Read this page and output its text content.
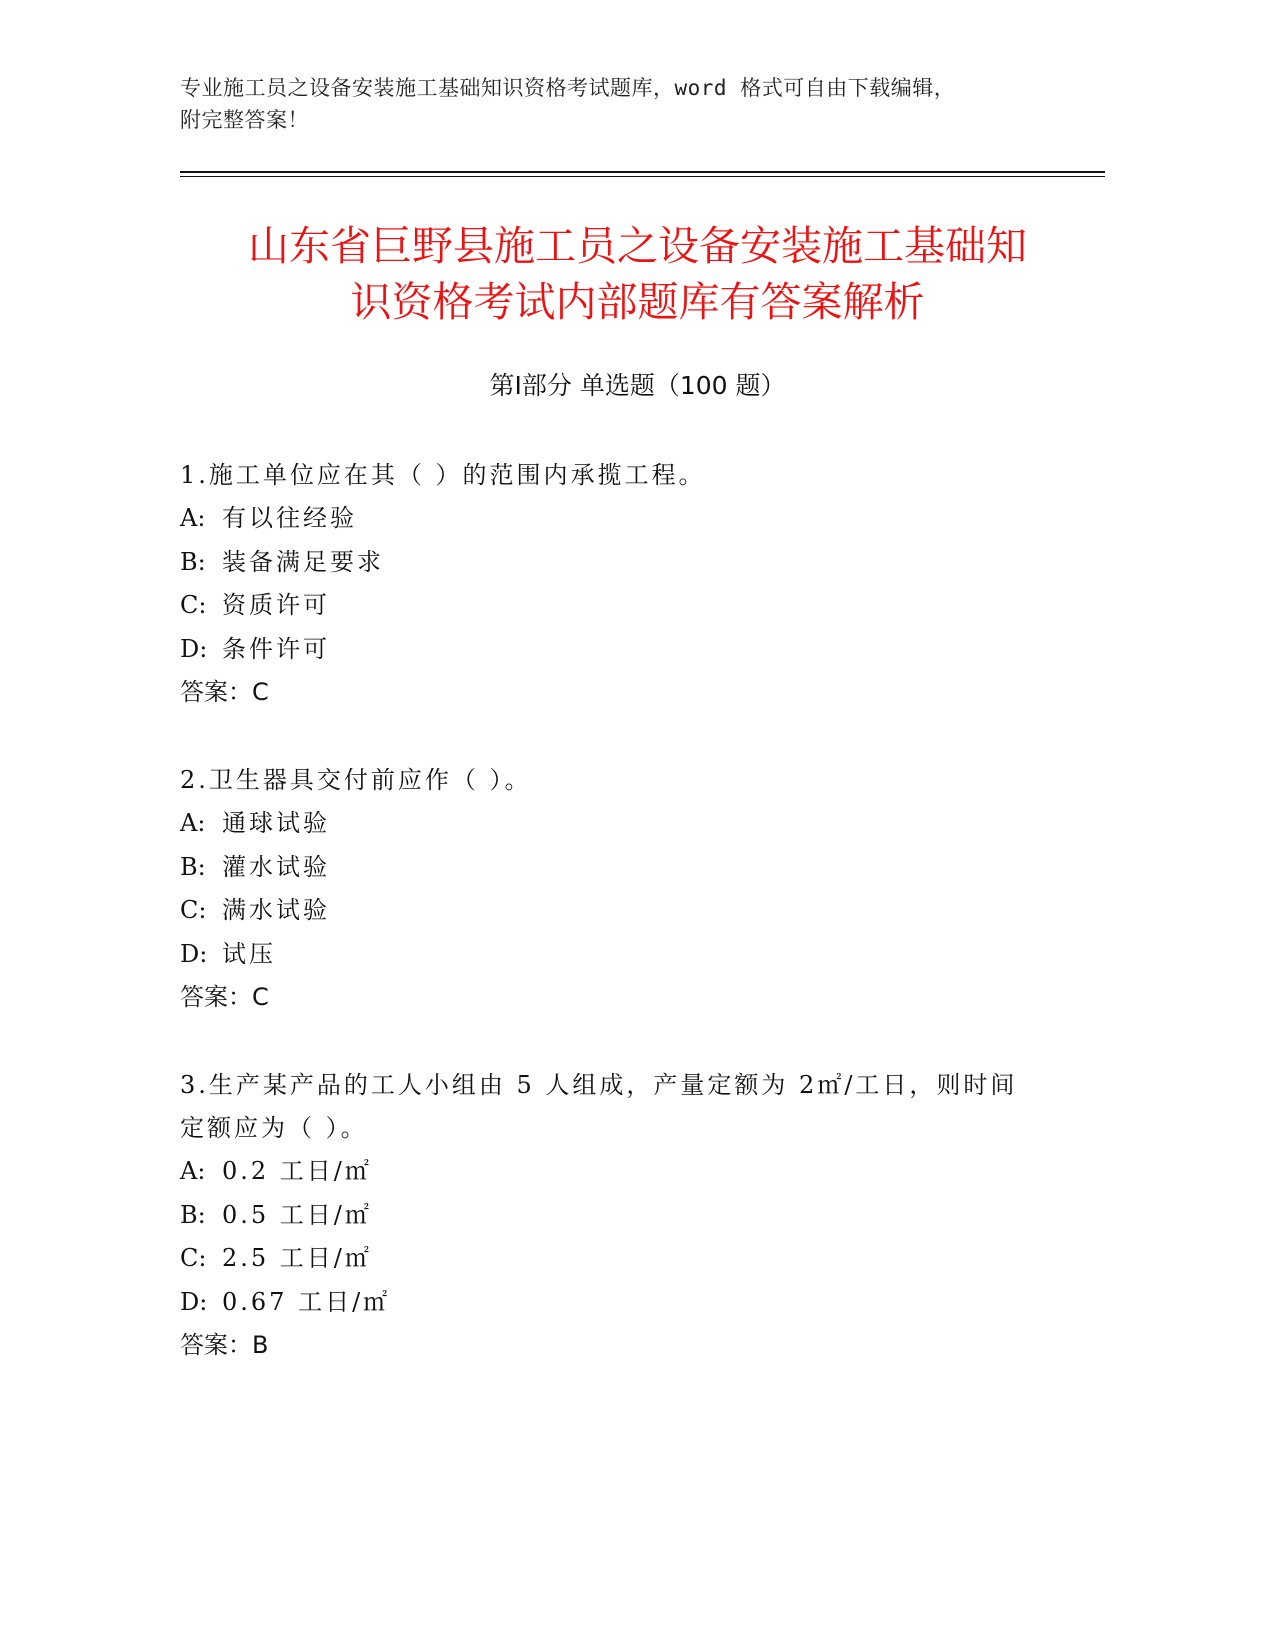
专业施工员之设备安装施工基础知识资格考试题库，word 格式可自由下载编辑，
附完整答案！
山东省巨野县施工员之设备安装施工基础知
识资格考试内部题库有答案解析
第Ⅰ部分 单选题（100 题）

1.施工单位应在其（ ）的范围内承揽工程。

A: 有以往经验

B: 装备满足要求

C: 资质许可

D: 条件许可

答案：C

2.卫生器具交付前应作（ ）。

A: 通球试验

B: 灌水试验

C: 满水试验

D: 试压

答案：C

3.生产某产品的工人小组由 5 人组成，产量定额为 2㎡/工日，则时间

定额应为（ ）。

A: 0.2 工日/㎡

B: 0.5 工日/㎡

C: 2.5 工日/㎡

D: 0.67 工日/㎡

答案：B
